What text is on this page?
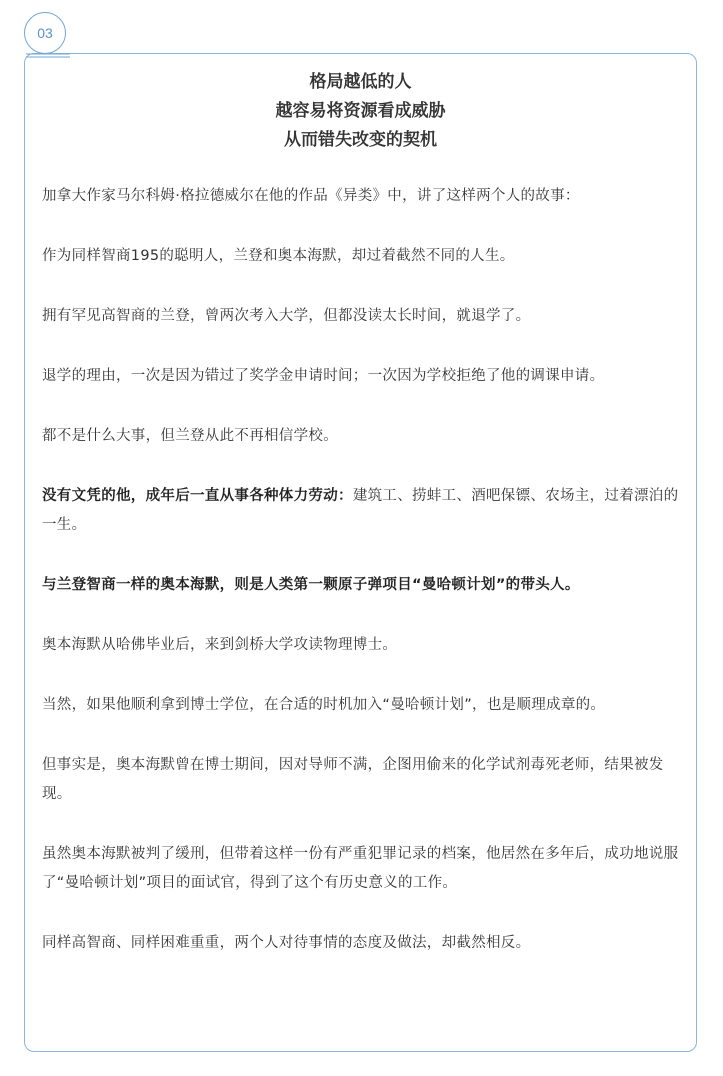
03
格局越低的人
越容易将资源看成威胁
从而错失改变的契机

加拿大作家马尔科姆·格拉德威尔在他的作品《异类》中，讲了这样两个人的故事：

作为同样智商195的聪明人，兰登和奥本海默，却过着截然不同的人生。

拥有罕见高智商的兰登，曾两次考入大学，但都没读太长时间，就退学了。

退学的理由，一次是因为错过了奖学金申请时间；一次因为学校拒绝了他的调课申请。

都不是什么大事，但兰登从此不再相信学校。

没有文凭的他，成年后一直从事各种体力劳动：建筑工、捞蚌工、酒吧保镖、农场主，过着漂泊的一生。

与兰登智商一样的奥本海默，则是人类第一颗原子弹项目“曼哈顿计划”的带头人。

奥本海默从哈佛毕业后，来到剑桥大学攻读物理博士。

当然，如果他顺利拿到博士学位，在合适的时机加入“曼哈顿计划”，也是顺理成章的。

但事实是，奥本海默曾在博士期间，因对导师不满，企图用偷来的化学试剂毒死老师，结果被发现。

虽然奥本海默被判了缓刑，但带着这样一份有严重犯罪记录的档案，他居然在多年后，成功地说服了“曼哈顿计划”项目的面试官，得到了这个有历史意义的工作。

同样高智商、同样困难重重，两个人对待事情的态度及做法，却截然相反。
